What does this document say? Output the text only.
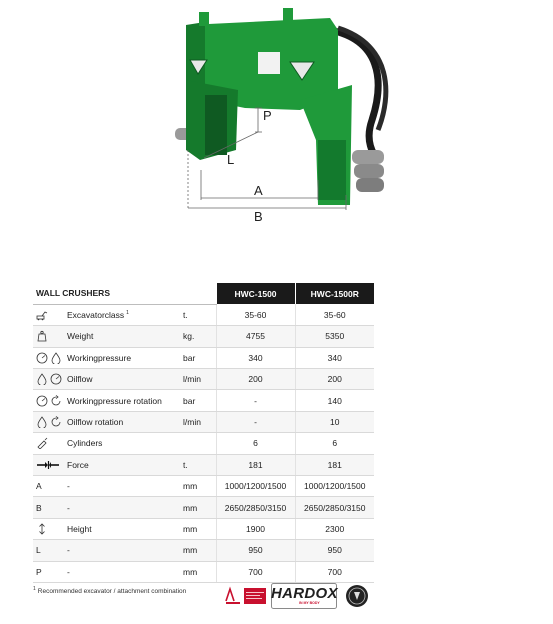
P
L
A
B
WALL CRUSHERS			HWC-1500	HWC-1500R
	Excavatorclass $^1$	t.	35-60	35-60
	Weight	kg.	4755	5350
	Workingpressure	bar	340	340
	Oilflow	l/min	200	200
	Workingpressure rotation	bar	-	140
	Oilflow rotation	l/min	-	10
	Cylinders		6	6
	Force	t.	181	181
A	-	mm	1000/1200/1500	1000/1200/1500
B	-	mm	2650/2850/3150	2650/2850/3150
	Height	mm	1900	2300
L	-	mm	950	950
P	-	mm	700	700
$^1$ Recommended excavator / attachment combination	HARDOX
IN MY BODY
